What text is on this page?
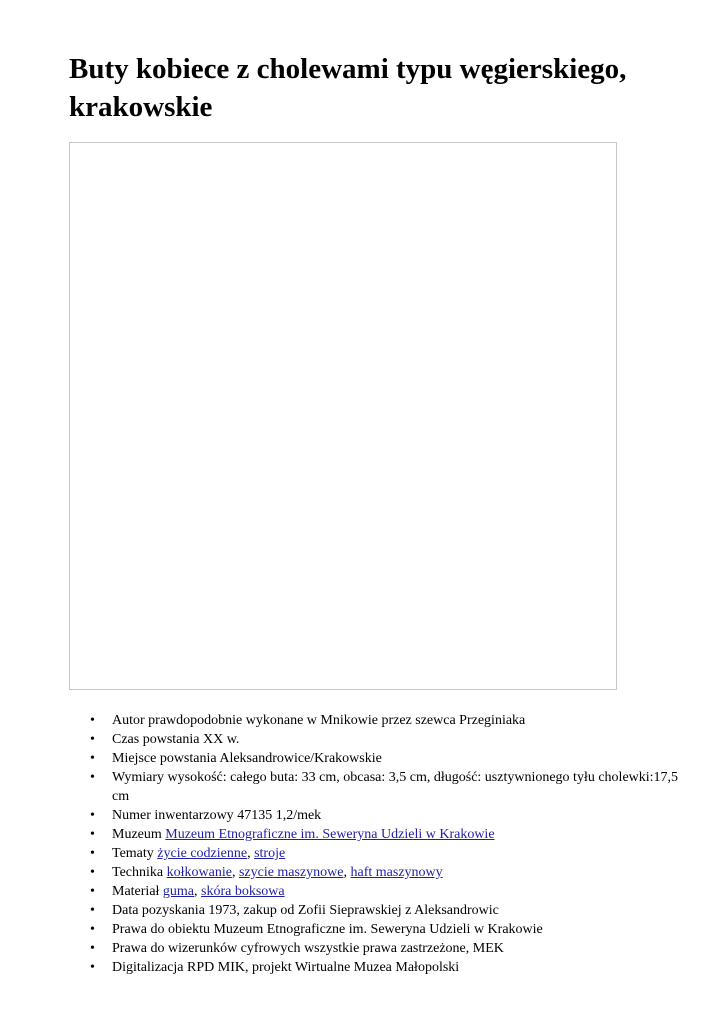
Buty kobiece z cholewami typu węgierskiego, krakowskie
• Autor prawdopodobnie wykonane w Mnikowie przez szewca Przeginiaka
• Czas powstania XX w.
• Miejsce powstania Aleksandrowice/Krakowskie
• Wymiary wysokość: całego buta: 33 cm, obcasa: 3,5 cm, długość: usztywnionego tyłu cholewki:17,5 cm
• Numer inwentarzowy 47135 1,2/mek
• Muzeum Muzeum Etnograficzne im. Seweryna Udzieli w Krakowie
• Tematy życie codzienne, stroje
• Technika kołkowanie, szycie maszynowe, haft maszynowy
• Materiał guma, skóra boksowa
• Data pozyskania 1973, zakup od Zofii Sieprawskiej z Aleksandrowic
• Prawa do obiektu Muzeum Etnograficzne im. Seweryna Udzieli w Krakowie
• Prawa do wizerunków cyfrowych wszystkie prawa zastrzeżone, MEK
• Digitalizacja RPD MIK, projekt Wirtualne Muzea Małopolski
